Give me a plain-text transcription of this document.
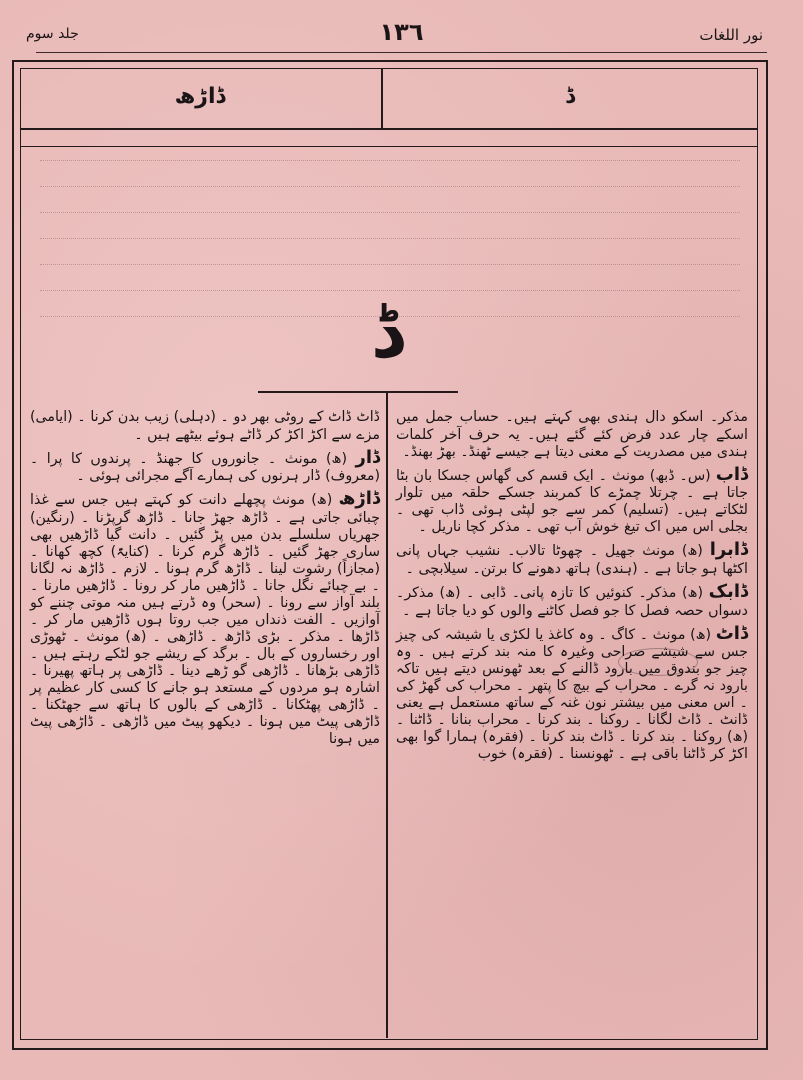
نور اللغات
١٣٦
جلد سوم
ڈاڑھ	ڈ
ڈ

مذکر۔ اسکو دال ہندی بھی کہتے ہیں۔ حساب جمل میں اسکے چار عدد فرض کئے گئے ہیں۔ یہ حرف آخر کلمات ہندی میں مصدریت کے معنی دیتا ہے جیسے ٹھنڈ۔ بھڑ بھنڈ۔

ڈاب (س۔ ڈبھ) مونث ۔ ایک قسم کی گھاس جسکا بان بٹا جاتا ہے ۔ چرتلا چمڑے کا کمربند جسکے حلقہ میں تلوار لٹکاتے ہیں۔ (تسلیم) کمر سے جو لپٹی ہوئی ڈاب تھی ۔ بجلی اس میں اک تیغ خوش آب تھی ۔ مذکر کچا ناریل ۔

ڈابرا (ھ) مونث جھیل ۔ چھوٹا تالاب۔ نشیب جہاں پانی اکٹھا ہو جاتا ہے ۔ (ہندی) ہاتھ دھونے کا برتن۔ سیلابچی ۔

ڈابک (ھ) مذکر۔ کنوئیں کا تازہ پانی۔ ڈابی ۔ (ھ) مذکر۔ دسواں حصہ فصل کا جو فصل کاٹنے والوں کو دیا جاتا ہے ۔

ڈاٹ (ھ) مونث ۔ کاگ ۔ وہ کاغذ یا لکڑی یا شیشہ کی چیز جس سے شیشے صراحی وغیرہ کا منہ بند کرتے ہیں ۔ وہ چیز جو بندوق میں بارود ڈالنے کے بعد ٹھونس دیتے ہیں تاکہ بارود نہ گرے ۔ محراب کے بیچ کا پتھر ۔ محراب کی گھڑ کی ۔ اس معنی میں بیشتر نون غنہ کے ساتھ مستعمل ہے یعنی ڈانٹ ۔ ڈاٹ لگانا ۔ روکنا ۔ بند کرنا ۔ محراب بنانا ۔ ڈاٹنا ۔ (ھ) روکنا ۔ بند کرنا ۔ ڈاٹ بند کرنا ۔ (فقرہ) ہمارا گوا بھی اکڑ کر ڈاٹنا باقی ہے ۔ ٹھونسنا ۔ (فقرہ) خوب

ڈاٹ ڈاٹ کے روٹی بھر دو ۔ (دہلی) زیب بدن کرنا ۔ (ایامی) مزے سے اکڑ اکڑ کر ڈاٹے ہوئے بیٹھے ہیں ۔

ڈار (ھ) مونث ۔ جانوروں کا جھنڈ ۔ پرندوں کا پرا ۔ (معروف) ڈار ہرنوں کی ہمارے آگے مجرائی ہوئی ۔

ڈاڑھ (ھ) مونث پچھلے دانت کو کہتے ہیں جس سے غذا چبائی جاتی ہے ۔ ڈاڑھ جھڑ جانا ۔ ڈاڑھ گرپڑنا ۔ (رنگین) جھریاں سلسلے بدن میں پڑ گئیں ۔ دانت گیا ڈاڑھیں بھی ساری جھڑ گئیں ۔ ڈاڑھ گرم کرنا ۔ (کنایۃً) کچھ کھانا ۔ (مجازاً) رشوت لینا ۔ ڈاڑھ گرم ہونا ۔ لازم ۔ ڈاڑھ نہ لگانا ۔ بے چبائے نگل جانا ۔ ڈاڑھیں مار کر رونا ۔ ڈاڑھیں مارنا ۔ بلند آواز سے رونا ۔ (سحر) وہ ڈرتے ہیں منہ موتی چننے کو آوازیں ۔ الفت ذنداں میں جب روتا ہوں ڈاڑھیں مار کر ۔ ڈاڑھا ۔ مذکر ۔ بڑی ڈاڑھ ۔ ڈاڑھی ۔ (ھ) مونث ۔ ٹھوڑی اور رخساروں کے بال ۔ برگد کے ریشے جو لٹکے رہتے ہیں ۔ ڈاڑھی بڑھانا ۔ ڈاڑھی گو ڑھے دینا ۔ ڈاڑھی پر ہاتھ پھیرنا ۔ اشارہ ہو مردوں کے مستعد ہو جانے کا کسی کار عظیم پر ۔ ڈاڑھی پھٹکانا ۔ ڈاڑھی کے بالوں کا ہاتھ سے جھٹکنا ۔ ڈاڑھی پیٹ میں ہونا ۔ دیکھو پیٹ میں ڈاڑھی ۔ ڈاڑھی پیٹ میں ہونا
